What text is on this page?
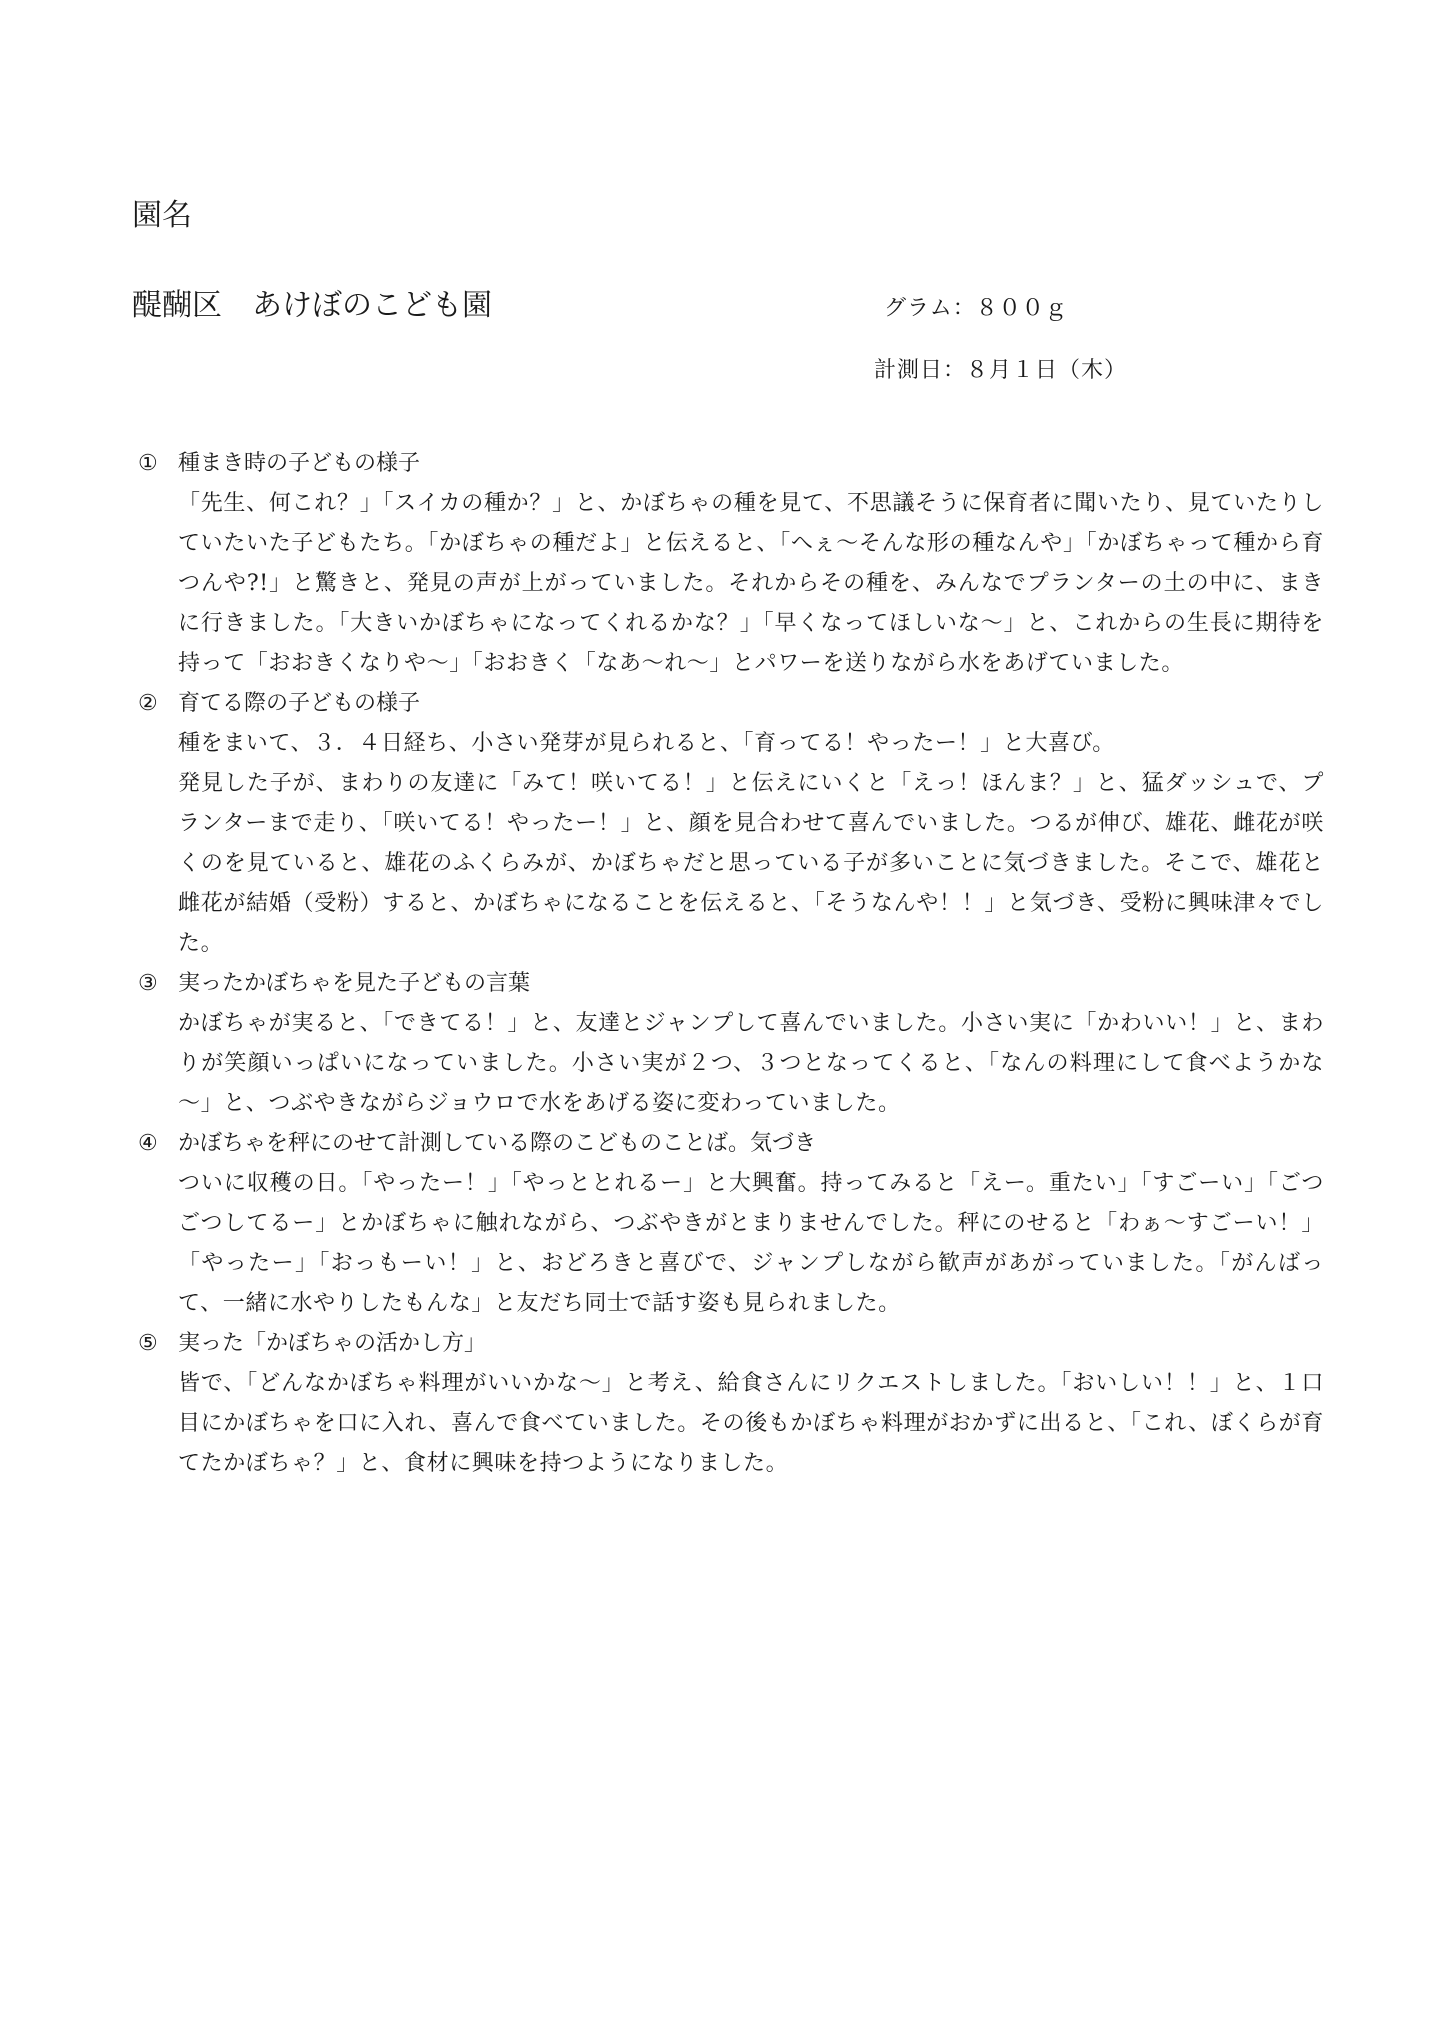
園名
醍醐区　あけぼのこども園	グラム：８００ｇ
計測日：８月１日（木）
① 種まき時の子どもの様子

「先生、何これ？」「スイカの種か？」と、かぼちゃの種を見て、不思議そうに保育者に聞いたり、見ていたりしていたいた子どもたち。「かぼちゃの種だよ」と伝えると、「へぇ～そんな形の種なんや」「かぼちゃって種から育つんや?!」と驚きと、発見の声が上がっていました。それからその種を、みんなでプランターの土の中に、まきに行きました。「大きいかぼちゃになってくれるかな？」「早くなってほしいな～」と、これからの生長に期待を持って「おおきくなりや～」「おおきく「なあ～れ～」とパワーを送りながら水をあげていました。

② 育てる際の子どもの様子

種をまいて、３．４日経ち、小さい発芽が見られると、「育ってる！やったー！」と大喜び。

発見した子が、まわりの友達に「みて！咲いてる！」と伝えにいくと「えっ！ほんま？」と、猛ダッシュで、プランターまで走り、「咲いてる！やったー！」と、顔を見合わせて喜んでいました。つるが伸び、雄花、雌花が咲くのを見ていると、雄花のふくらみが、かぼちゃだと思っている子が多いことに気づきました。そこで、雄花と雌花が結婚（受粉）すると、かぼちゃになることを伝えると、「そうなんや！！」と気づき、受粉に興味津々でした。

③ 実ったかぼちゃを見た子どもの言葉

かぼちゃが実ると、「できてる！」と、友達とジャンプして喜んでいました。小さい実に「かわいい！」と、まわりが笑顔いっぱいになっていました。小さい実が２つ、３つとなってくると、「なんの料理にして食べようかな～」と、つぶやきながらジョウロで水をあげる姿に変わっていました。

④ かぼちゃを秤にのせて計測している際のこどものことば。気づき

ついに収穫の日。「やったー！」「やっととれるー」と大興奮。持ってみると「えー。重たい」「すごーい」「ごつごつしてるー」とかぼちゃに触れながら、つぶやきがとまりませんでした。秤にのせると「わぁ～すごーい！」「やったー」「おっもーい！」と、おどろきと喜びで、ジャンプしながら歓声があがっていました。「がんばって、一緒に水やりしたもんな」と友だち同士で話す姿も見られました。

⑤ 実った「かぼちゃの活かし方」

皆で、「どんなかぼちゃ料理がいいかな～」と考え、給食さんにリクエストしました。「おいしい！！」と、１口目にかぼちゃを口に入れ、喜んで食べていました。その後もかぼちゃ料理がおかずに出ると、「これ、ぼくらが育てたかぼちゃ？」と、食材に興味を持つようになりました。
